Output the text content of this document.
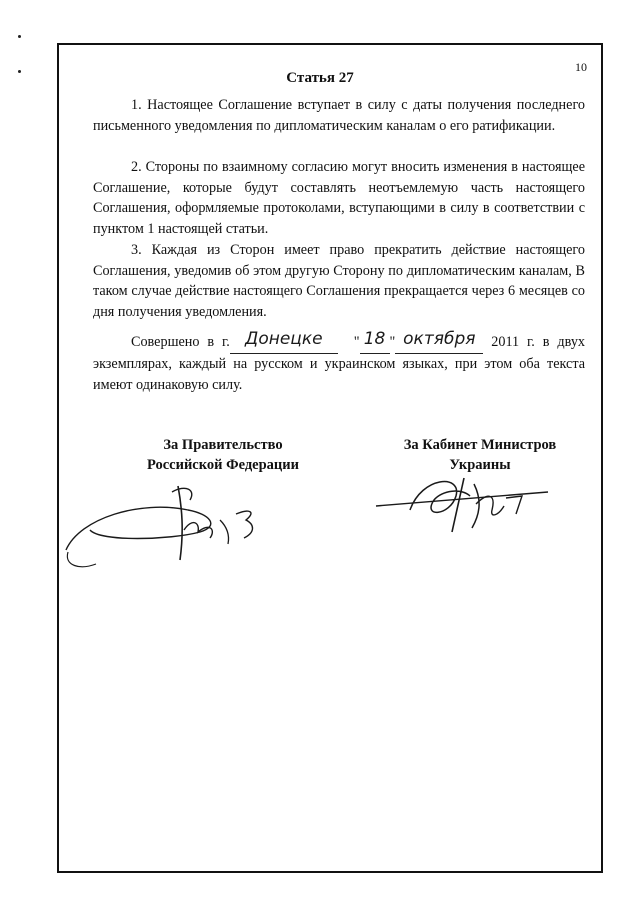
10
Статья 27
1. Настоящее Соглашение вступает в силу с даты получения последнего письменного уведомления по дипломатическим каналам о его ратификации.
2. Стороны по взаимному согласию могут вносить изменения в настоящее Соглашение, которые будут составлять неотъемлемую часть настоящего Соглашения, оформляемые протоколами, вступающими в силу в соответствии с пунктом 1 настоящей статьи.
3. Каждая из Сторон имеет право прекратить действие настоящего Соглашения, уведомив об этом другую Сторону по дипломатическим каналам, В таком случае действие настоящего Соглашения прекращается через 6 месяцев со дня получения уведомления.
Совершено в г. Донецке  " 18 " октября 2011 г. в двух экземплярах, каждый на русском и украинском языках, при этом оба текста имеют одинаковую силу.
За Правительство
Российской Федерации
За Кабинет Министров
Украины
